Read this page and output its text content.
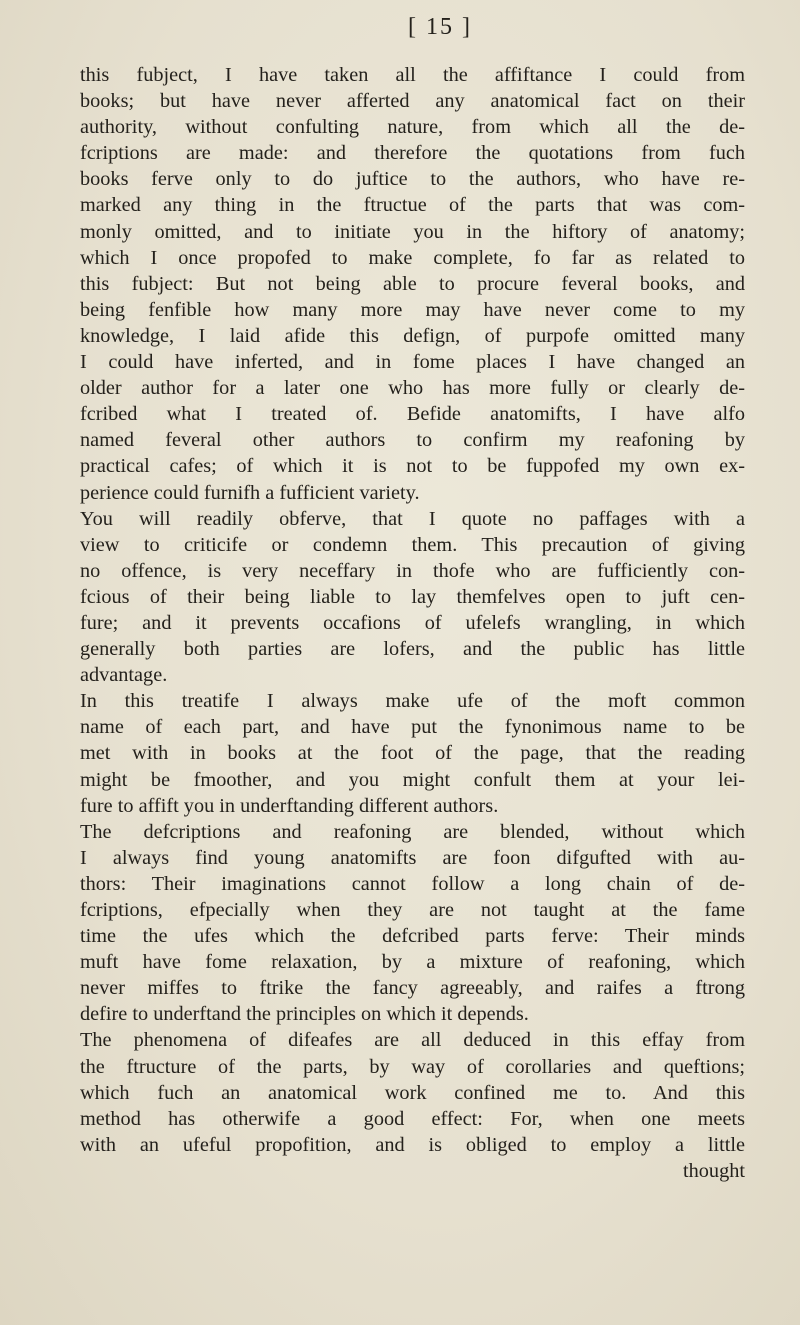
[ 15 ]
this fubject, I have taken all the affiftance I could from
books; but have never afferted any anatomical fact on their
authority, without confulting nature, from which all the de-
fcriptions are made: and therefore the quotations from fuch
books ferve only to do juftice to the authors, who have re-
marked any thing in the ftructue of the parts that was com-
monly omitted, and to initiate you in the hiftory of anatomy;
which I once propofed to make complete, fo far as related to
this fubject: But not being able to procure feveral books, and
being fenfible how many more may have never come to my
knowledge, I laid afide this defign, of purpofe omitted many
I could have inferted, and in fome places I have changed an
older author for a later one who has more fully or clearly de-
fcribed what I treated of. Befide anatomifts, I have alfo
named feveral other authors to confirm my reafoning by
practical cafes; of which it is not to be fuppofed my own ex-
perience could furnifh a fufficient variety.
You will readily obferve, that I quote no paffages with a
view to criticife or condemn them. This precaution of giving
no offence, is very neceffary in thofe who are fufficiently con-
fcious of their being liable to lay themfelves open to juft cen-
fure; and it prevents occafions of ufelefs wrangling, in which
generally both parties are lofers, and the public has little
advantage.
In this treatife I always make ufe of the moft common
name of each part, and have put the fynonimous name to be
met with in books at the foot of the page, that the reading
might be fmoother, and you might confult them at your lei-
fure to affift you in underftanding different authors.
The defcriptions and reafoning are blended, without which
I always find young anatomifts are foon difgufted with au-
thors: Their imaginations cannot follow a long chain of de-
fcriptions, efpecially when they are not taught at the fame
time the ufes which the defcribed parts ferve: Their minds
muft have fome relaxation, by a mixture of reafoning, which
never miffes to ftrike the fancy agreeably, and raifes a ftrong
defire to underftand the principles on which it depends.
The phenomena of difeafes are all deduced in this effay from
the ftructure of the parts, by way of corollaries and queftions;
which fuch an anatomical work confined me to. And this
method has otherwife a good effect: For, when one meets
with an ufeful propofition, and is obliged to employ a little
thought
